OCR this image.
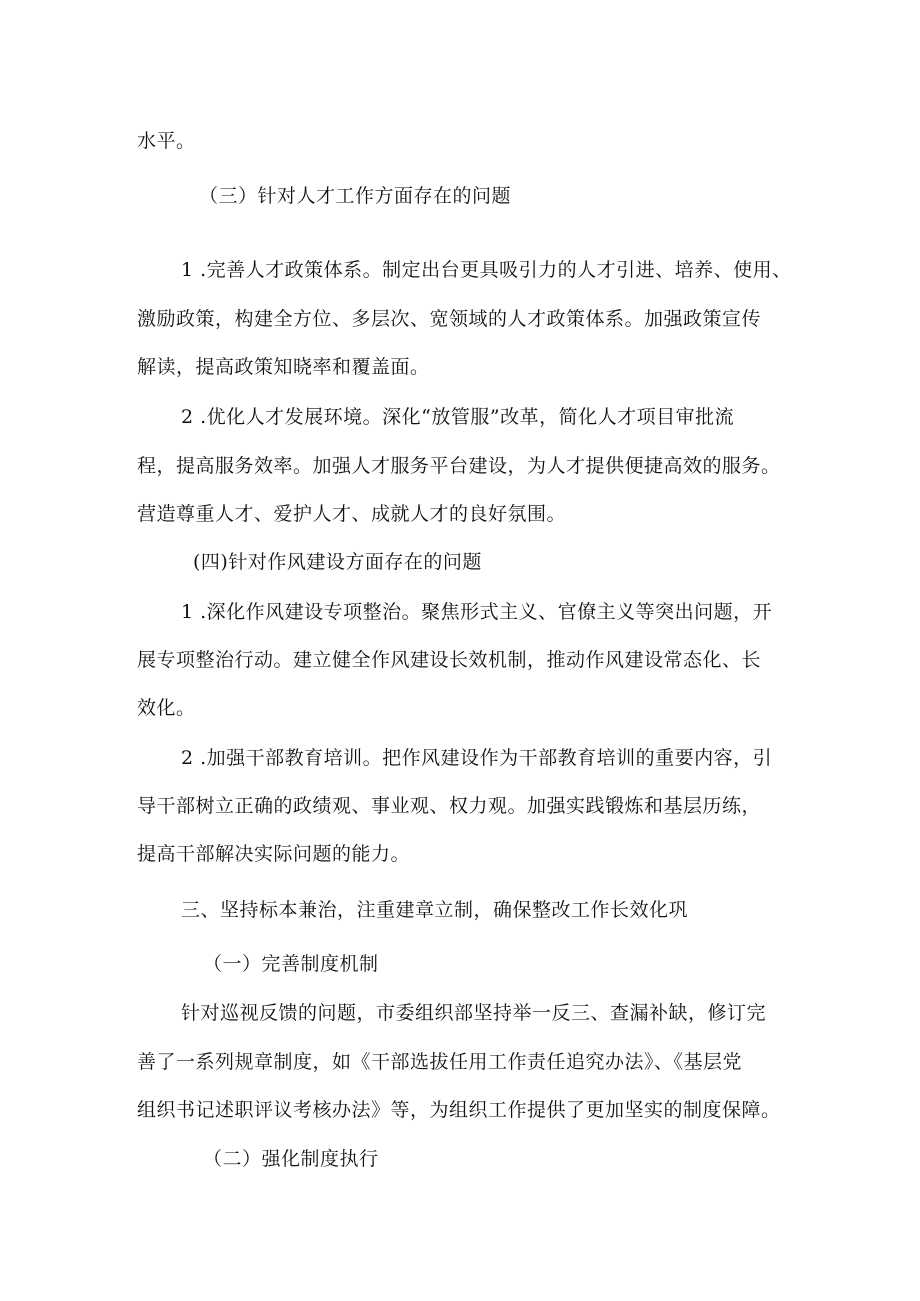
水平。
（三）针对人才工作方面存在的问题
1 .完善人才政策体系。制定出台更具吸引力的人才引进、培养、使用、
激励政策，构建全方位、多层次、宽领域的人才政策体系。加强政策宣传
解读，提高政策知晓率和覆盖面。
2 .优化人才发展环境。深化“放管服”改革，简化人才项目审批流
程，提高服务效率。加强人才服务平台建设，为人才提供便捷高效的服务。
营造尊重人才、爱护人才、成就人才的良好氛围。
(四)针对作风建设方面存在的问题
1 .深化作风建设专项整治。聚焦形式主义、官僚主义等突出问题，开
展专项整治行动。建立健全作风建设长效机制，推动作风建设常态化、长
效化。
2 .加强干部教育培训。把作风建设作为干部教育培训的重要内容，引
导干部树立正确的政绩观、事业观、权力观。加强实践锻炼和基层历练，
提高干部解决实际问题的能力。
三、坚持标本兼治，注重建章立制，确保整改工作长效化巩
（一）完善制度机制
针对巡视反馈的问题，市委组织部坚持举一反三、查漏补缺，修订完
善了一系列规章制度，如《干部选拔任用工作责任追究办法》、《基层党
组织书记述职评议考核办法》等，为组织工作提供了更加坚实的制度保障。
（二）强化制度执行
